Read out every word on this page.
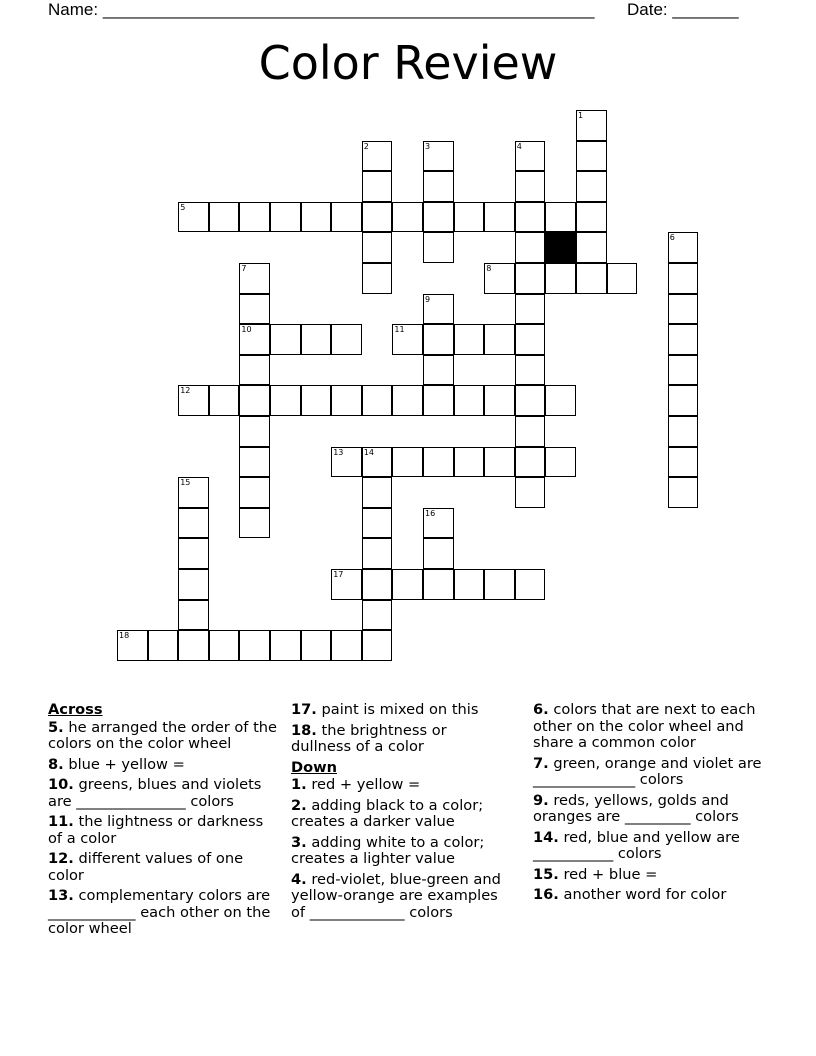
Name: ____________________________________________________ Date: _______
Color Review
1
2	3	4
5
6
7
10
8
9
11
12
13	14
15
16
17
18
Across
5. he arranged the order of the colors on the color wheel
8. blue + yellow =
10. greens, blues and violets are _______________ colors
11. the lightness or darkness of a color
12. different values of one color
13. complementary colors are ____________ each other on the color wheel
17. paint is mixed on this
18. the brightness or dullness of a color
Down
1. red + yellow =
2. adding black to a color; creates a darker value
3. adding white to a color; creates a lighter value
4. red-violet, blue-green and yellow-orange are examples of _____________ colors
6. colors that are next to each other on the color wheel and share a common color
7. green, orange and violet are ______________ colors
9. reds, yellows, golds and oranges are _________ colors
14. red, blue and yellow are ___________ colors
15. red + blue =
16. another word for color
